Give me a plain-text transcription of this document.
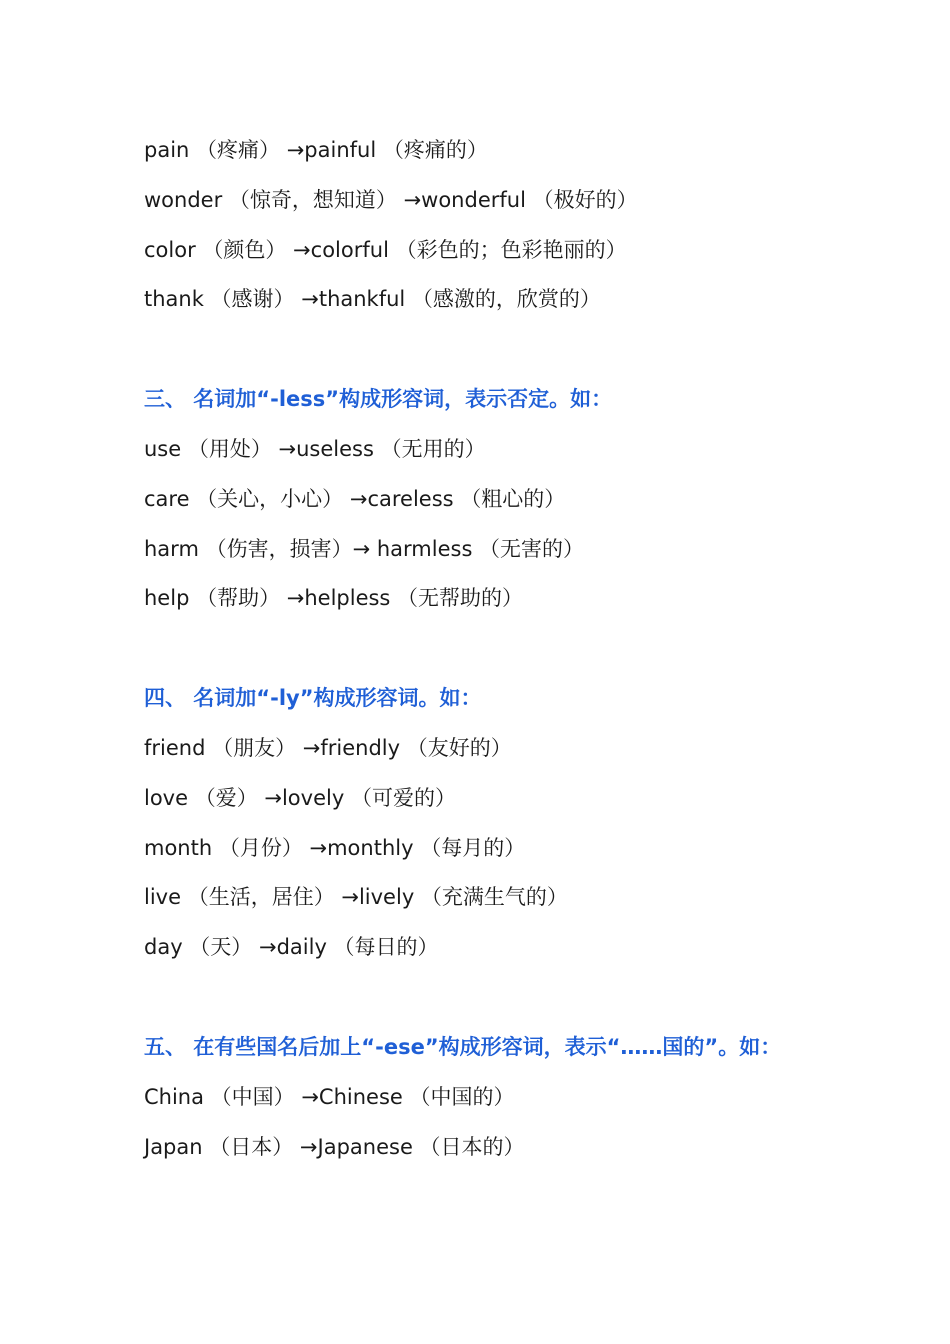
pain （疼痛） →painful （疼痛的）
wonder （惊奇，想知道） →wonderful （极好的）
color （颜色） →colorful （彩色的；色彩艳丽的）
thank （感谢） →thankful （感激的，欣赏的）
三、 名词加“-less”构成形容词，表示否定。如：
use （用处） →useless （无用的）
care （关心，小心） →careless （粗心的）
harm （伤害，损害）→ harmless （无害的）
help （帮助） →helpless （无帮助的）
四、 名词加“-ly”构成形容词。如：
friend （朋友） →friendly （友好的）
love （爱） →lovely （可爱的）
month （月份） →monthly （每月的）
live （生活，居住） →lively （充满生气的）
day （天） →daily （每日的）
五、 在有些国名后加上“-ese”构成形容词，表示“……国的”。如：
China （中国） →Chinese （中国的）
Japan （日本） →Japanese （日本的）
